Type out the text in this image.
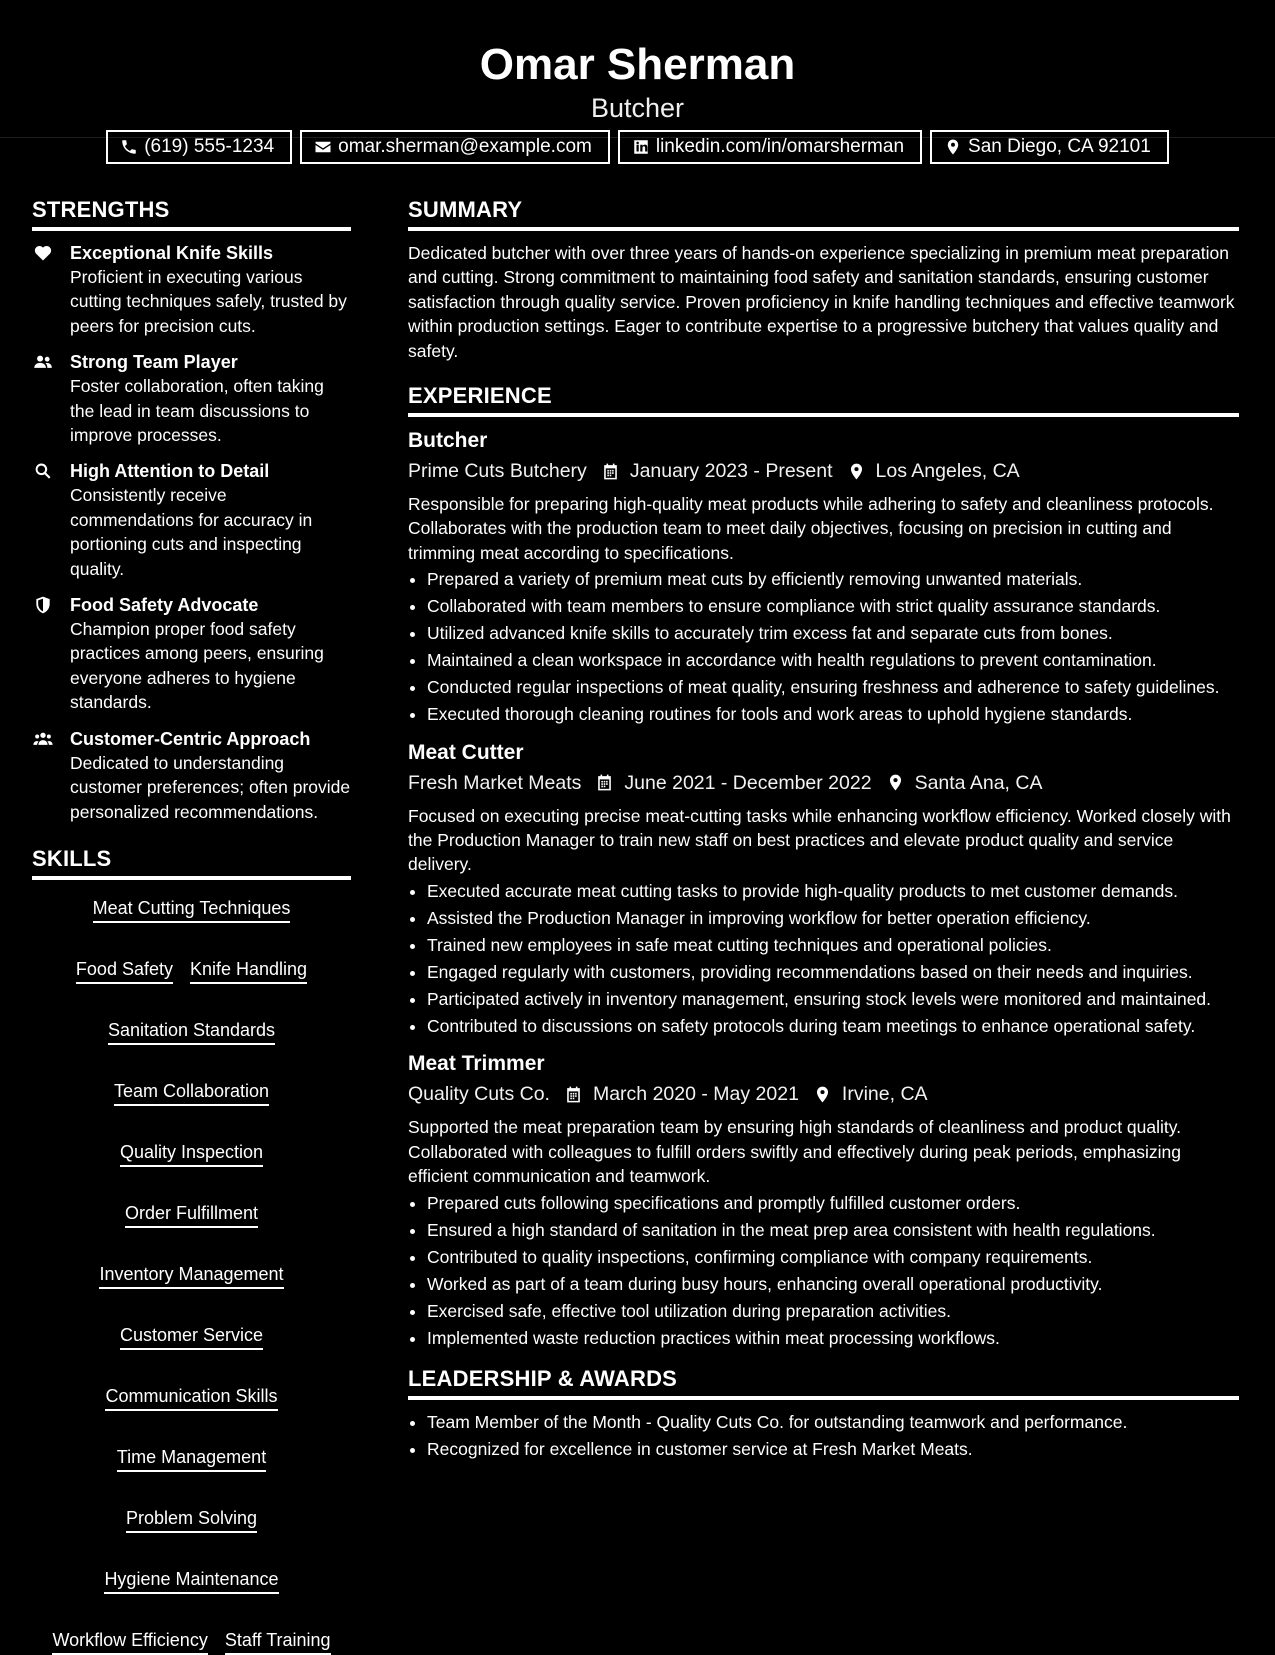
Omar Sherman
Butcher
(619) 555-1234	omar.sherman@example.com	linkedin.com/in/omarsherman	San Diego, CA 92101
STRENGTHS
Exceptional Knife Skills
Proficient in executing various cutting techniques safely, trusted by peers for precision cuts.
Strong Team Player
Foster collaboration, often taking the lead in team discussions to improve processes.
High Attention to Detail
Consistently receive commendations for accuracy in portioning cuts and inspecting quality.
Food Safety Advocate
Champion proper food safety practices among peers, ensuring everyone adheres to hygiene standards.
Customer-Centric Approach
Dedicated to understanding customer preferences; often provide personalized recommendations.
SKILLS
Meat Cutting Techniques
Food Safety Knife Handling
Sanitation Standards
Team Collaboration
Quality Inspection
Order Fulfillment
Inventory Management
Customer Service
Communication Skills
Time Management
Problem Solving
Hygiene Maintenance
Workflow Efficiency Staff Training
SUMMARY
Dedicated butcher with over three years of hands-on experience specializing in premium meat preparation and cutting. Strong commitment to maintaining food safety and sanitation standards, ensuring customer satisfaction through quality service. Proven proficiency in knife handling techniques and effective teamwork within production settings. Eager to contribute expertise to a progressive butchery that values quality and safety.
EXPERIENCE
Butcher
Prime Cuts Butchery January 2023 - Present Los Angeles, CA
Responsible for preparing high-quality meat products while adhering to safety and cleanliness protocols. Collaborates with the production team to meet daily objectives, focusing on precision in cutting and trimming meat according to specifications.
• Prepared a variety of premium meat cuts by efficiently removing unwanted materials.
• Collaborated with team members to ensure compliance with strict quality assurance standards.
• Utilized advanced knife skills to accurately trim excess fat and separate cuts from bones.
• Maintained a clean workspace in accordance with health regulations to prevent contamination.
• Conducted regular inspections of meat quality, ensuring freshness and adherence to safety guidelines.
• Executed thorough cleaning routines for tools and work areas to uphold hygiene standards.
Meat Cutter
Fresh Market Meats June 2021 - December 2022 Santa Ana, CA
Focused on executing precise meat-cutting tasks while enhancing workflow efficiency. Worked closely with the Production Manager to train new staff on best practices and elevate product quality and service delivery.
• Executed accurate meat cutting tasks to provide high-quality products to met customer demands.
• Assisted the Production Manager in improving workflow for better operation efficiency.
• Trained new employees in safe meat cutting techniques and operational policies.
• Engaged regularly with customers, providing recommendations based on their needs and inquiries.
• Participated actively in inventory management, ensuring stock levels were monitored and maintained.
• Contributed to discussions on safety protocols during team meetings to enhance operational safety.
Meat Trimmer
Quality Cuts Co. March 2020 - May 2021 Irvine, CA
Supported the meat preparation team by ensuring high standards of cleanliness and product quality. Collaborated with colleagues to fulfill orders swiftly and effectively during peak periods, emphasizing efficient communication and teamwork.
• Prepared cuts following specifications and promptly fulfilled customer orders.
• Ensured a high standard of sanitation in the meat prep area consistent with health regulations.
• Contributed to quality inspections, confirming compliance with company requirements.
• Worked as part of a team during busy hours, enhancing overall operational productivity.
• Exercised safe, effective tool utilization during preparation activities.
• Implemented waste reduction practices within meat processing workflows.
LEADERSHIP & AWARDS
• Team Member of the Month - Quality Cuts Co. for outstanding teamwork and performance.
• Recognized for excellence in customer service at Fresh Market Meats.
